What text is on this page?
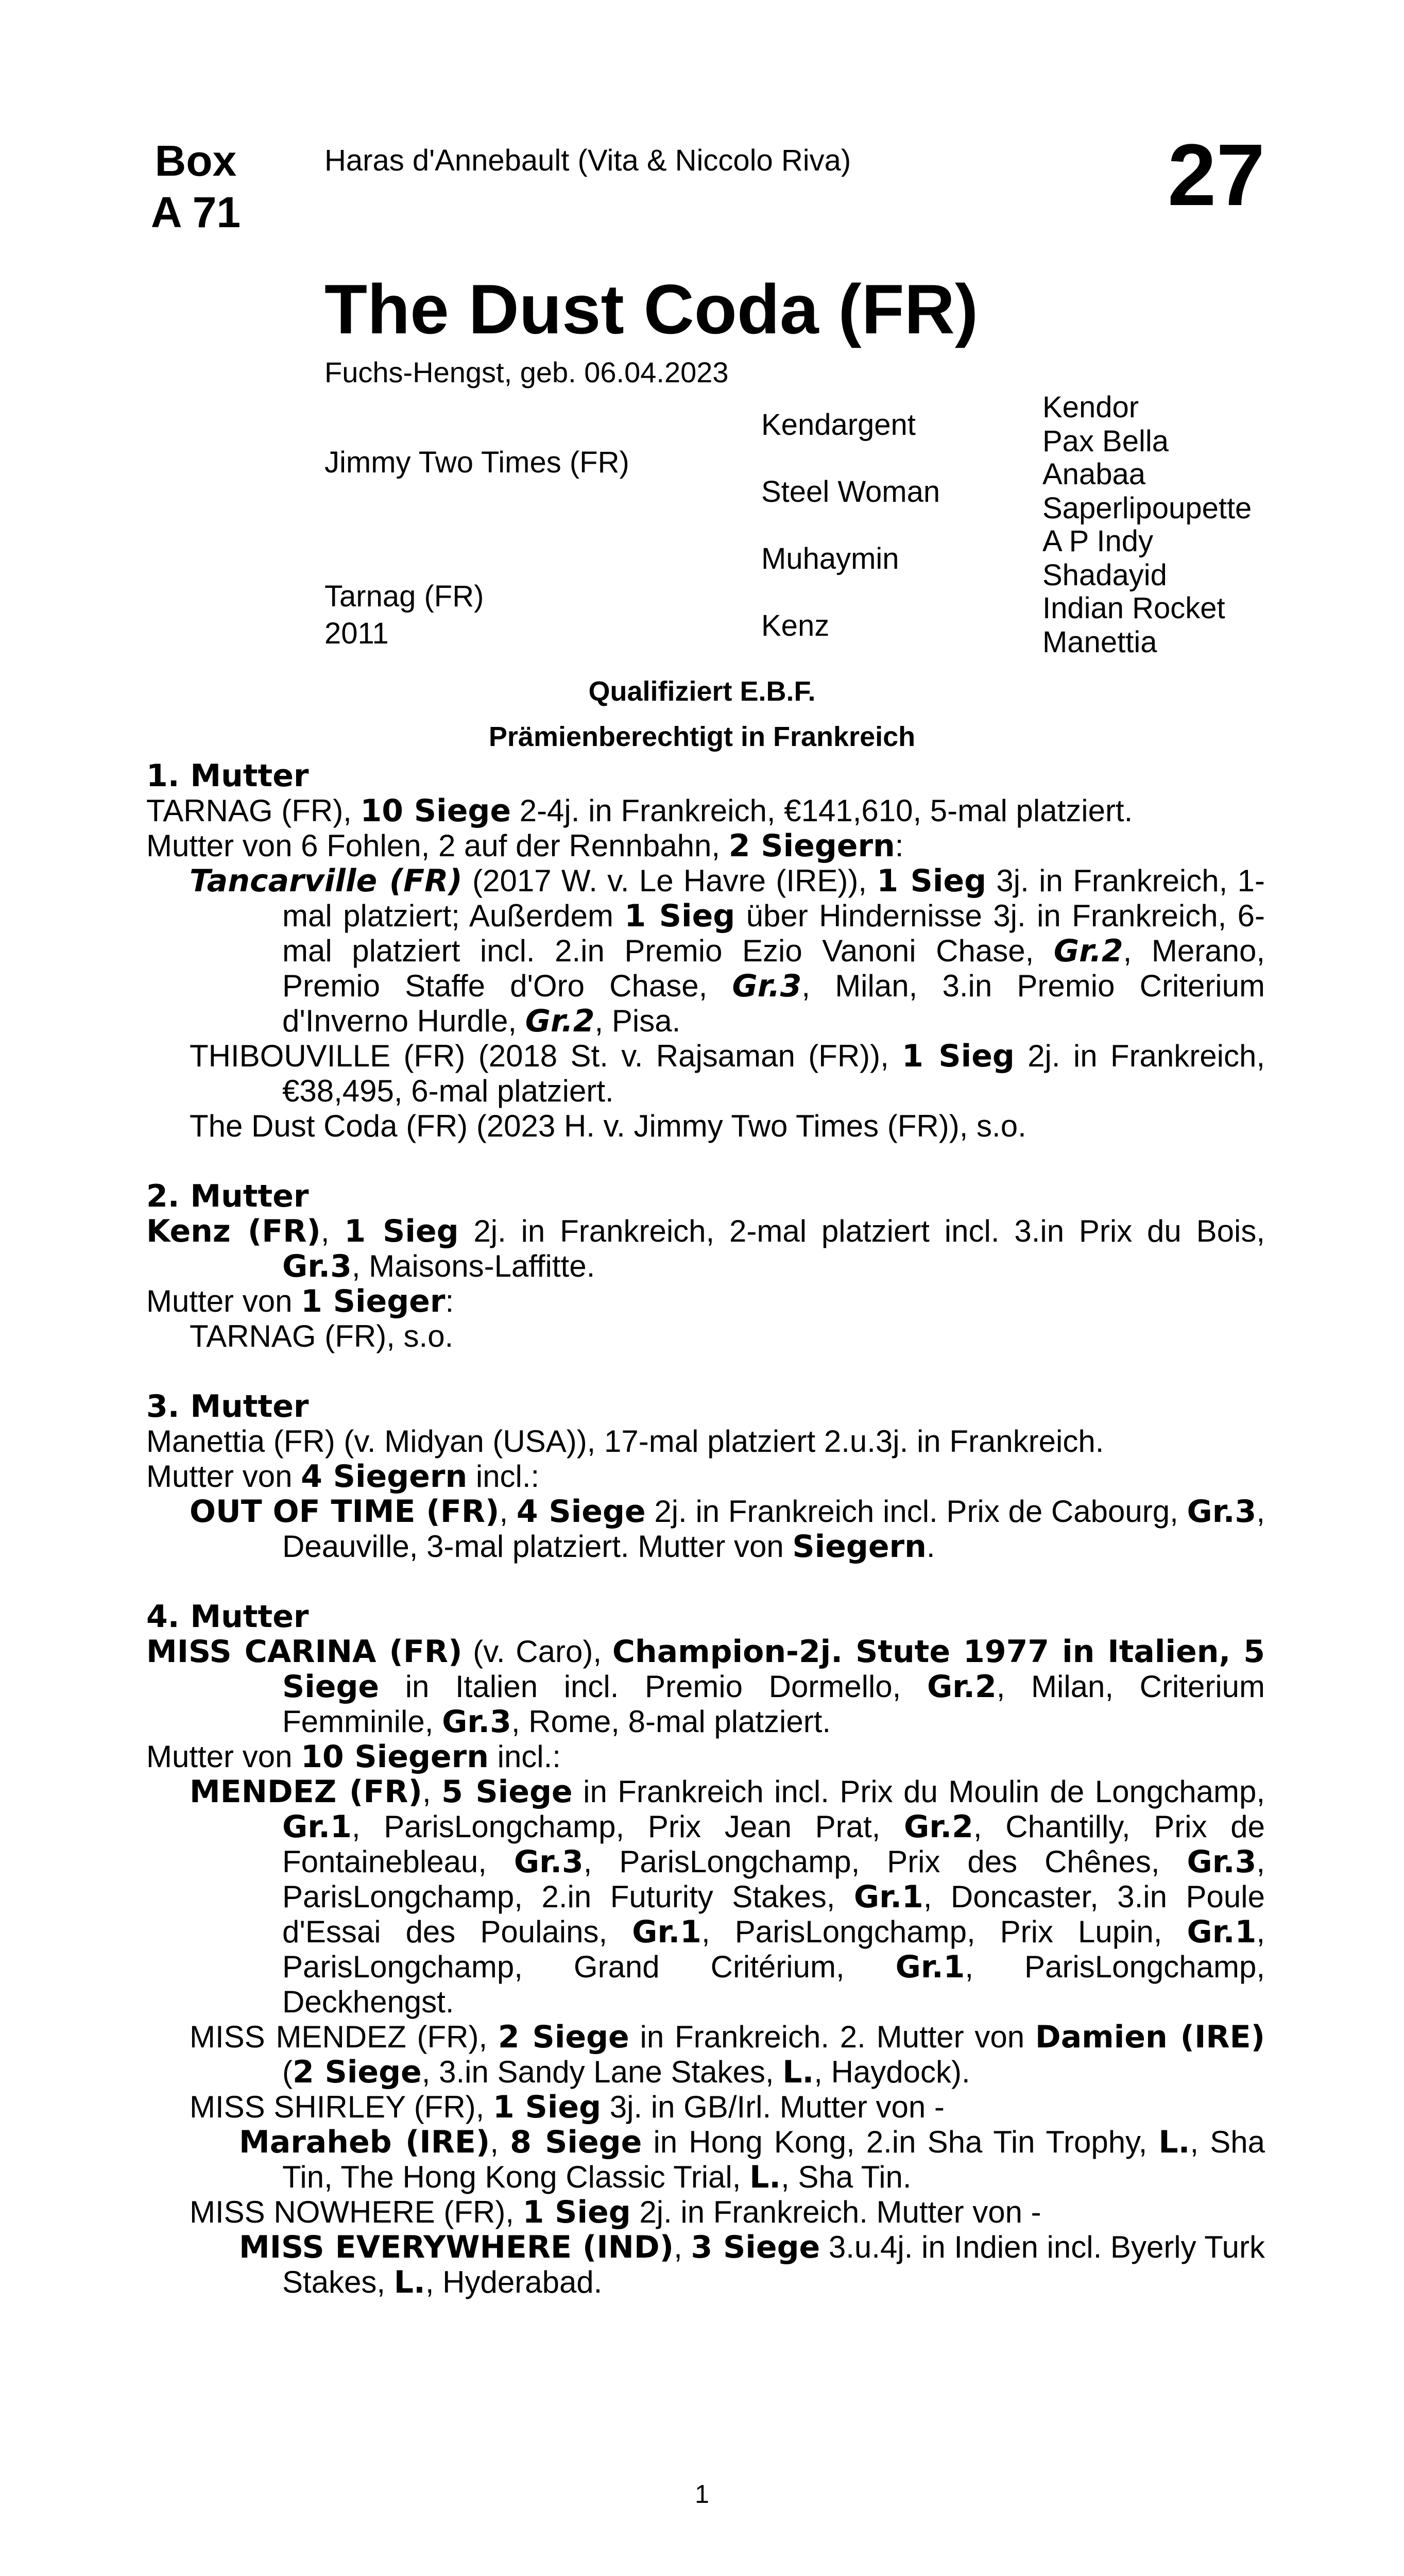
Box
A 71
Haras d'Annebault (Vita & Niccolo Riva)	27
The Dust Coda (FR)
Fuchs-Hengst, geb. 06.04.2023
Jimmy Two Times (FR)
Tarnag (FR)
2011
Kendargent
Steel Woman
Muhaymin
Kenz
Kendor
Pax Bella
Anabaa
Saperlipoupette
A P Indy
Shadayid
Indian Rocket
Manettia
Qualifiziert E.B.F.
Prämienberechtigt in Frankreich
1. Mutter

TARNAG (FR), 10 Siege 2-4j. in Frankreich, €141,610, 5-mal platziert.

Mutter von 6 Fohlen, 2 auf der Rennbahn, 2 Siegern:

Tancarville (FR) (2017 W. v. Le Havre (IRE)), 1 Sieg 3j. in Frankreich, 1-mal platziert; Außerdem 1 Sieg über Hindernisse 3j. in Frankreich, 6-mal platziert incl. 2.in Premio Ezio Vanoni Chase, Gr.2, Merano, Premio Staffe d'Oro Chase, Gr.3, Milan, 3.in Premio Criterium d'Inverno Hurdle, Gr.2, Pisa.

THIBOUVILLE (FR) (2018 St. v. Rajsaman (FR)), 1 Sieg 2j. in Frankreich, €38,495, 6-mal platziert.

The Dust Coda (FR) (2023 H. v. Jimmy Two Times (FR)), s.o.

2. Mutter

Kenz (FR), 1 Sieg 2j. in Frankreich, 2-mal platziert incl. 3.in Prix du Bois, Gr.3, Maisons-Laffitte.

Mutter von 1 Sieger:

TARNAG (FR), s.o.

3. Mutter

Manettia (FR) (v. Midyan (USA)), 17-mal platziert 2.u.3j. in Frankreich.

Mutter von 4 Siegern incl.:

OUT OF TIME (FR), 4 Siege 2j. in Frankreich incl. Prix de Cabourg, Gr.3, Deauville, 3-mal platziert. Mutter von Siegern.

4. Mutter

MISS CARINA (FR) (v. Caro), Champion-2j. Stute 1977 in Italien, 5 Siege in Italien incl. Premio Dormello, Gr.2, Milan, Criterium Femminile, Gr.3, Rome, 8-mal platziert.

Mutter von 10 Siegern incl.:

MENDEZ (FR), 5 Siege in Frankreich incl. Prix du Moulin de Longchamp, Gr.1, ParisLongchamp, Prix Jean Prat, Gr.2, Chantilly, Prix de Fontainebleau, Gr.3, ParisLongchamp, Prix des Chênes, Gr.3, ParisLongchamp, 2.in Futurity Stakes, Gr.1, Doncaster, 3.in Poule d'Essai des Poulains, Gr.1, ParisLongchamp, Prix Lupin, Gr.1, ParisLongchamp, Grand Critérium, Gr.1, ParisLongchamp, Deckhengst.

MISS MENDEZ (FR), 2 Siege in Frankreich. 2. Mutter von Damien (IRE) (2 Siege, 3.in Sandy Lane Stakes, L., Haydock).

MISS SHIRLEY (FR), 1 Sieg 3j. in GB/Irl. Mutter von -

Maraheb (IRE), 8 Siege in Hong Kong, 2.in Sha Tin Trophy, L., Sha Tin, The Hong Kong Classic Trial, L., Sha Tin.

MISS NOWHERE (FR), 1 Sieg 2j. in Frankreich. Mutter von -

MISS EVERYWHERE (IND), 3 Siege 3.u.4j. in Indien incl. Byerly Turk Stakes, L., Hyderabad.

1
